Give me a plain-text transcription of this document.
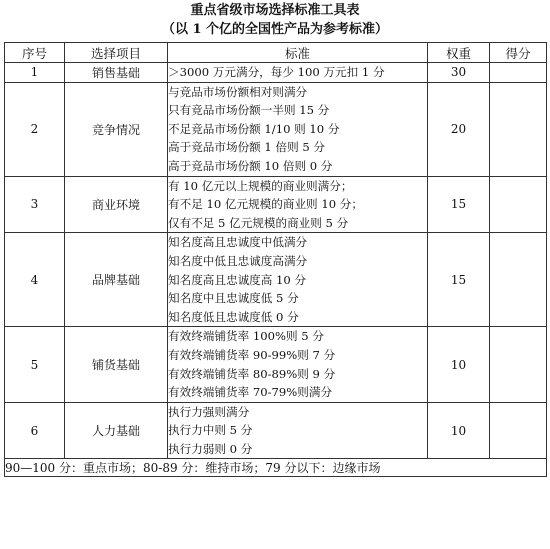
重点省级市场选择标准工具表
（以 1 个亿的全国性产品为参考标准）
序号	选择项目	标准	权重	得分
1	销售基础	＞3000 万元满分，每少 100 万元扣 1 分	30	
2	竞争情况	与竞品市场份额相对则满分
只有竞品市场份额一半则 15 分
不足竞品市场份额 1/10 则 10 分
高于竞品市场份额 1 倍则 5 分
高于竞品市场份额 10 倍则 0 分	20	
3	商业环境	有 10 亿元以上规模的商业则满分；
有不足 10 亿元规模的商业则 10 分；
仅有不足 5 亿元规模的商业则 5 分	15	
4	品牌基础	知名度高且忠诚度中低满分
知名度中低且忠诚度高满分
知名度高且忠诚度高 10 分
知名度中且忠诚度低 5 分
知名度低且忠诚度低 0 分	15	
5	铺货基础	有效终端铺货率 100%则 5 分
有效终端铺货率 90-99%则 7 分
有效终端铺货率 80-89%则 9 分
有效终端铺货率 70-79%则满分	10	
6	人力基础	执行力强则满分
执行力中则 5 分
执行力弱则 0 分	10	
90—100 分：重点市场；80-89 分：维持市场；79 分以下：边缘市场				
